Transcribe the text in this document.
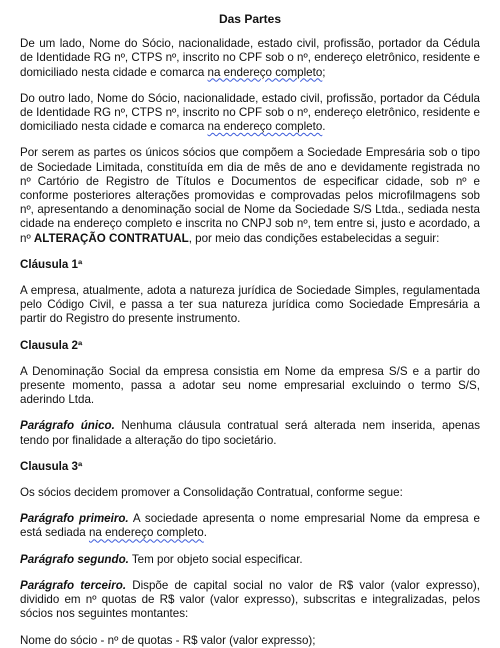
Das Partes

De um lado, Nome do Sócio, nacionalidade, estado civil, profissão, portador da Cédula de Identidade RG nº, CTPS nº, inscrito no CPF sob o nº, endereço eletrônico, residente e domiciliado nesta cidade e comarca na endereço completo;

Do outro lado, Nome do Sócio, nacionalidade, estado civil, profissão, portador da Cédula de Identidade RG nº, CTPS nº, inscrito no CPF sob o nº, endereço eletrônico, residente e domiciliado nesta cidade e comarca na endereço completo.

Por serem as partes os únicos sócios que compõem a Sociedade Empresária sob o tipo de Sociedade Limitada, constituída em dia de mês de ano e devidamente registrada no nº Cartório de Registro de Títulos e Documentos de especificar cidade, sob nº e conforme posteriores alterações promovidas e comprovadas pelos microfilmagens sob nº, apresentando a denominação social de Nome da Sociedade S/S Ltda., sediada nesta cidade na endereço completo e inscrita no CNPJ sob nº, tem entre si, justo e acordado, a nº ALTERAÇÃO CONTRATUAL, por meio das condições estabelecidas a seguir:

Cláusula 1ª

A empresa, atualmente, adota a natureza jurídica de Sociedade Simples, regulamentada pelo Código Civil, e passa a ter sua natureza jurídica como Sociedade Empresária a partir do Registro do presente instrumento.

Clausula 2ª

A Denominação Social da empresa consistia em Nome da empresa S/S e a partir do presente momento, passa a adotar seu nome empresarial excluindo o termo S/S, aderindo Ltda.

Parágrafo único. Nenhuma cláusula contratual será alterada nem inserida, apenas tendo por finalidade a alteração do tipo societário.

Clausula 3ª

Os sócios decidem promover a Consolidação Contratual, conforme segue:

Parágrafo primeiro. A sociedade apresenta o nome empresarial Nome da empresa e está sediada na endereço completo.

Parágrafo segundo. Tem por objeto social especificar.

Parágrafo terceiro. Dispõe de capital social no valor de R$ valor (valor expresso), dividido em nº quotas de R$ valor (valor expresso), subscritas e integralizadas, pelos sócios nos seguintes montantes:

Nome do sócio - nº de quotas - R$ valor (valor expresso);
